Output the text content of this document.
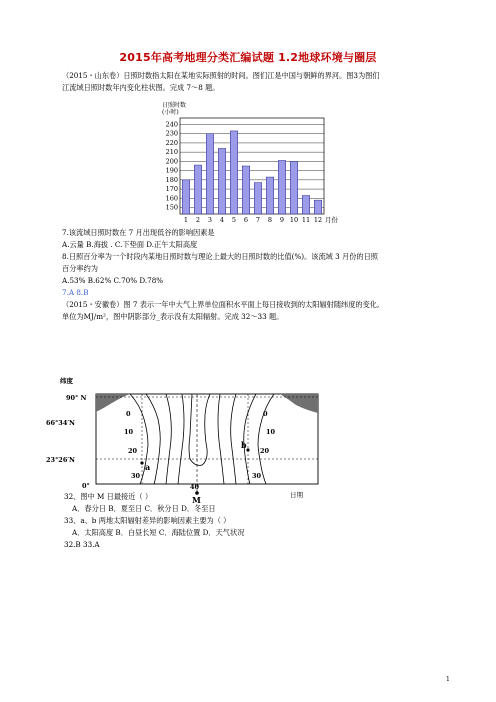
2015年高考地理分类汇编试题 1.2地球环境与圈层
（2015・山东卷）日照时数指太阳在某地实际照射的时间。图们江是中国与朝鲜的界河。图3为图们
江流域日照时数年内变化柱状图。完成 7～8 题。
日照时数
(小时)
150
160
170
180
190
200
210
220
230
240
1 2 3 4 5 6 7 8 9 10 11 12 月份
7.该流域日照时数在 7 月出现低谷的影响因素是
A.云量 B.海拔 . C.下垫面 D.正午太阳高度
8.日照百分率为一个时段内某地日照时数与理论上最大的日照时数的比值(%)。该流域 3 月份的日照
百分率约为
A.53% B.62% C.70% D.78%
7.A 8.B
（2015・安徽卷）图 7 表示一年中大气上界单位面积水平面上每日接收到的太阳辐射随纬度的变化,
单位为MJ/m²，图中阴影部分_表示没有太阳辐射。完成 32～33 题。
纬度
90° N
66°34′N
23°26′N
0°
0
10
20
30
40
0
10
20
30
a
b
M	日期
32、图中 M 日最接近（ ）
A．春分日 B．夏至日 C．秋分日 D．冬至日
33、a、b 两地太阳辐射差异的影响因素主要为（ ）
A．太阳高度 B．白昼长短 C．海陆位置 D．天气状况
32.B 33.A
1
